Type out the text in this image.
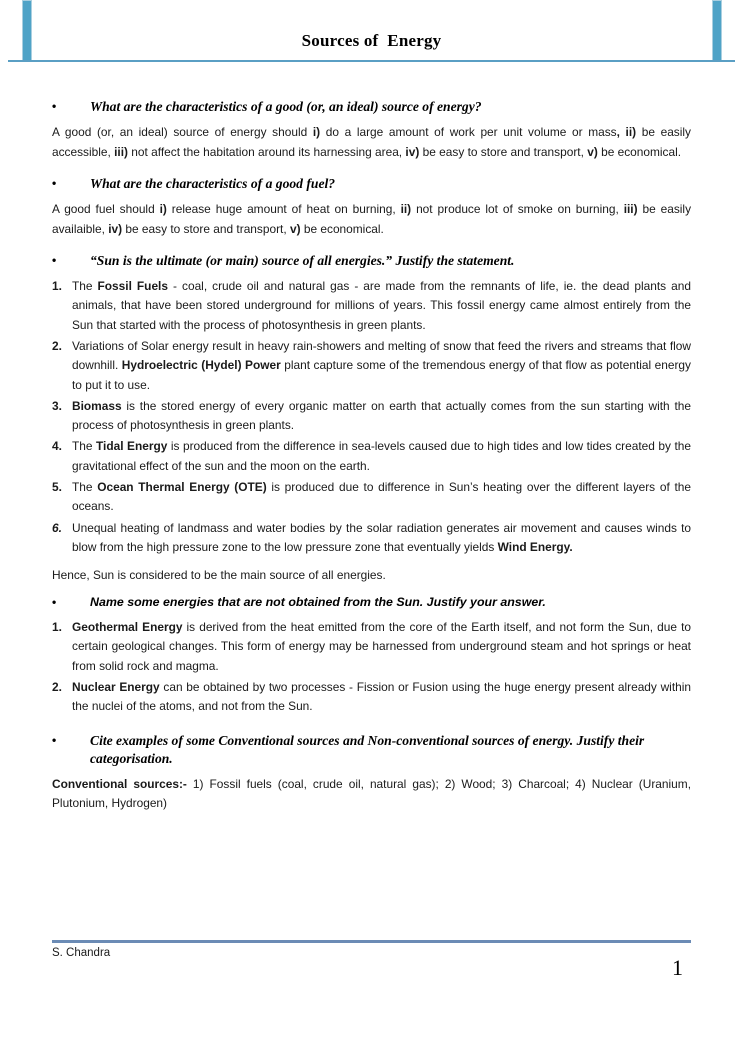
Sources of  Energy
• What are the characteristics of a good (or, an ideal) source of energy?

A good (or, an ideal) source of energy should i) do a large amount of work per unit volume or mass, ii) be easily accessible, iii) not affect the habitation around its harnessing area, iv) be easy to store and transport, v) be economical.

• What are the characteristics of a good fuel?

A good fuel should i) release huge amount of heat on burning, ii) not produce lot of smoke on burning, iii) be easily availaible, iv) be easy to store and transport, v) be economical.

• “Sun is the ultimate (or main) source of all energies.” Justify the statement.
1. The Fossil Fuels - coal, crude oil and natural gas - are made from the remnants of life, ie. the dead plants and animals, that have been stored underground for millions of years. This fossil energy came almost entirely from the Sun that started with the process of photosynthesis in green plants.
2. Variations of Solar energy result in heavy rain-showers and melting of snow that feed the rivers and streams that flow downhill. Hydroelectric (Hydel) Power plant capture some of the tremendous energy of that flow as potential energy to put it to use.
3. Biomass is the stored energy of every organic matter on earth that actually comes from the sun starting with the process of photosynthesis in green plants.
4. The Tidal Energy is produced from the difference in sea-levels caused due to high tides and low tides created by the gravitational effect of the sun and the moon on the earth.
5. The Ocean Thermal Energy (OTE) is produced due to difference in Sun’s heating over the different layers of the oceans.
6. Unequal heating of landmass and water bodies by the solar radiation generates air movement and causes winds to blow from the high pressure zone to the low pressure zone that eventually yields Wind Energy.

Hence, Sun is considered to be the main source of all energies.

•	Name some energies that are not obtained from the Sun. Justify your answer.
1. Geothermal Energy is derived from the heat emitted from the core of the Earth itself, and not form the Sun, due to certain geological changes. This form of energy may be harnessed from underground steam and hot springs or heat from solid rock and magma.
2. Nuclear Energy can be obtained by two processes - Fission or Fusion using the huge energy present already within the nuclei of the atoms, and not from the Sun.
• Cite examples of some Conventional sources and Non-conventional sources of energy. Justify their categorisation.

Conventional sources:- 1) Fossil fuels (coal, crude oil, natural gas); 2) Wood; 3) Charcoal; 4) Nuclear (Uranium, Plutonium, Hydrogen)

S. Chandra
1
